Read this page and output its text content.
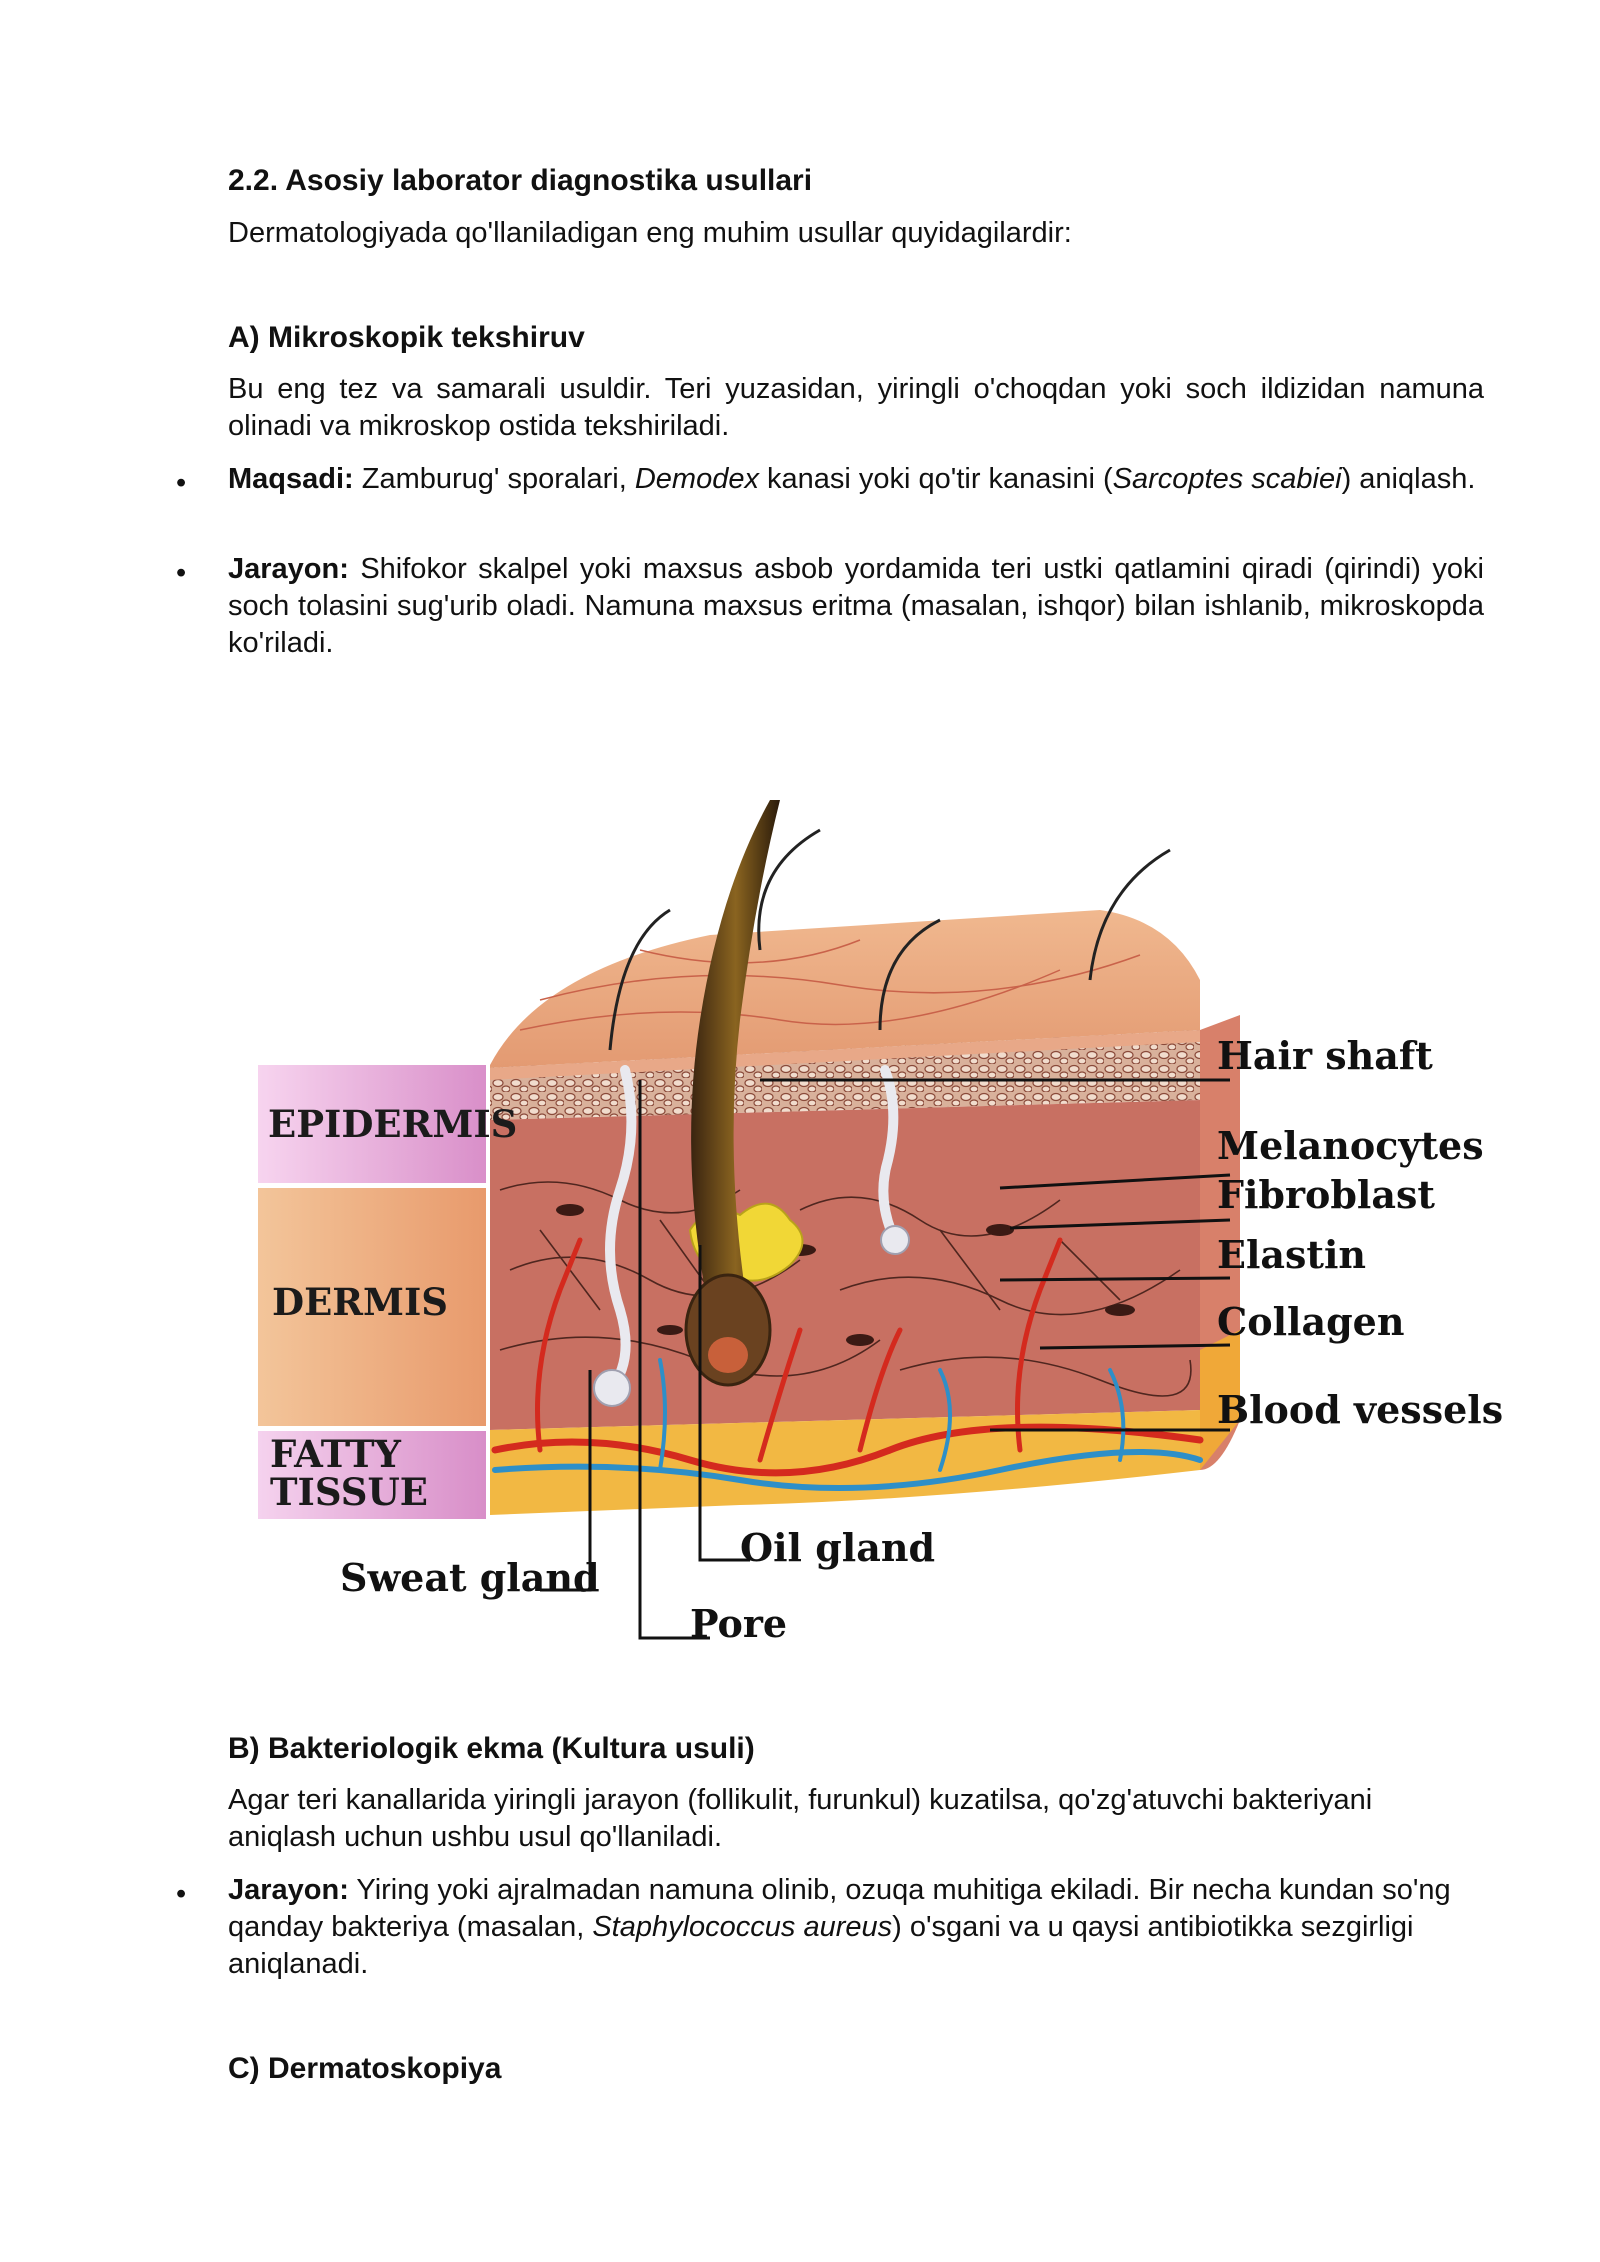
2.2. Asosiy laborator diagnostika usullari
Dermatologiyada qo'llaniladigan eng muhim usullar quyidagilardir:
A) Mikroskopik tekshiruv
Bu eng tez va samarali usuldir. Teri yuzasidan, yiringli o'choqdan yoki soch ildizidan namuna olinadi va mikroskop ostida tekshiriladi.
• Maqsadi: Zamburug' sporalari, Demodex kanasi yoki qo'tir kanasini (Sarcoptes scabiei) aniqlash.
• Jarayon: Shifokor skalpel yoki maxsus asbob yordamida teri ustki qatlamini qiradi (qirindi) yoki soch tolasini sug'urib oladi. Namuna maxsus eritma (masalan, ishqor) bilan ishlanib, mikroskopda ko'riladi.
EPIDERMIS
DERMIS
FATTY
TISSUE
Hair shaft
Melanocytes
Fibroblast
Elastin
Collagen
Blood vessels
Oil gland
Sweat gland
Pore
B) Bakteriologik ekma (Kultura usuli)
Agar teri kanallarida yiringli jarayon (follikulit, furunkul) kuzatilsa, qo'zg'atuvchi bakteriyani aniqlash uchun ushbu usul qo'llaniladi.
• Jarayon: Yiring yoki ajralmadan namuna olinib, ozuqa muhitiga ekiladi. Bir necha kundan so'ng qanday bakteriya (masalan, Staphylococcus aureus) o'sgani va u qaysi antibiotikka sezgirligi aniqlanadi.
C) Dermatoskopiya
